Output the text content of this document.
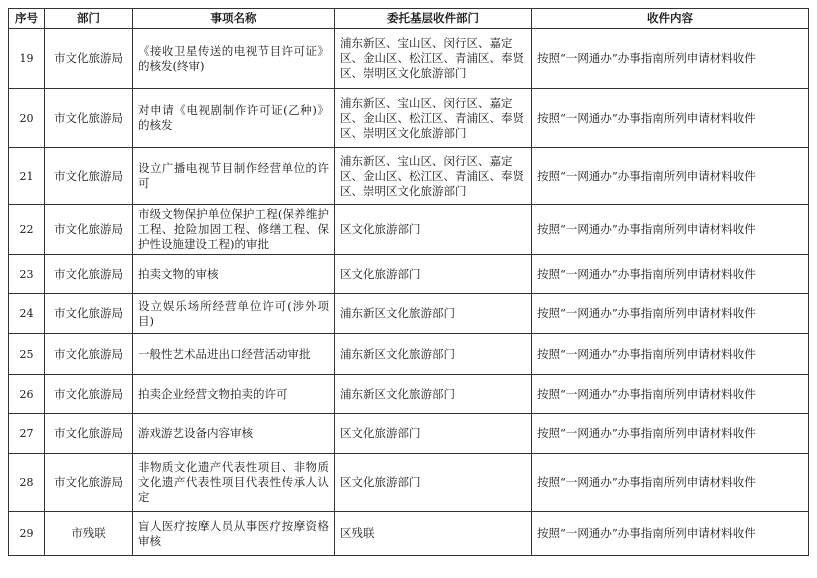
序号	部门	事项名称	委托基层收件部门	收件内容
19	市文化旅游局	《接收卫星传送的电视节目许可证》的核发(终审)	浦东新区、宝山区、闵行区、嘉定区、金山区、松江区、青浦区、奉贤区、崇明区文化旅游部门	按照“一网通办”办事指南所列申请材料收件
20	市文化旅游局	对申请《电视剧制作许可证(乙种)》的核发	浦东新区、宝山区、闵行区、嘉定区、金山区、松江区、青浦区、奉贤区、崇明区文化旅游部门	按照“一网通办”办事指南所列申请材料收件
21	市文化旅游局	设立广播电视节目制作经营单位的许可	浦东新区、宝山区、闵行区、嘉定区、金山区、松江区、青浦区、奉贤区、崇明区文化旅游部门	按照“一网通办”办事指南所列申请材料收件
22	市文化旅游局	市级文物保护单位保护工程(保养维护工程、抢险加固工程、修缮工程、保护性设施建设工程)的审批	区文化旅游部门	按照“一网通办”办事指南所列申请材料收件
23	市文化旅游局	拍卖文物的审核	区文化旅游部门	按照“一网通办”办事指南所列申请材料收件
24	市文化旅游局	设立娱乐场所经营单位许可(涉外项目)	浦东新区文化旅游部门	按照“一网通办”办事指南所列申请材料收件
25	市文化旅游局	一般性艺术品进出口经营活动审批	浦东新区文化旅游部门	按照“一网通办”办事指南所列申请材料收件
26	市文化旅游局	拍卖企业经营文物拍卖的许可	浦东新区文化旅游部门	按照“一网通办”办事指南所列申请材料收件
27	市文化旅游局	游戏游艺设备内容审核	区文化旅游部门	按照“一网通办”办事指南所列申请材料收件
28	市文化旅游局	非物质文化遗产代表性项目、非物质文化遗产代表性项目代表性传承人认定	区文化旅游部门	按照“一网通办”办事指南所列申请材料收件
29	市残联	盲人医疗按摩人员从事医疗按摩资格审核	区残联	按照“一网通办”办事指南所列申请材料收件
